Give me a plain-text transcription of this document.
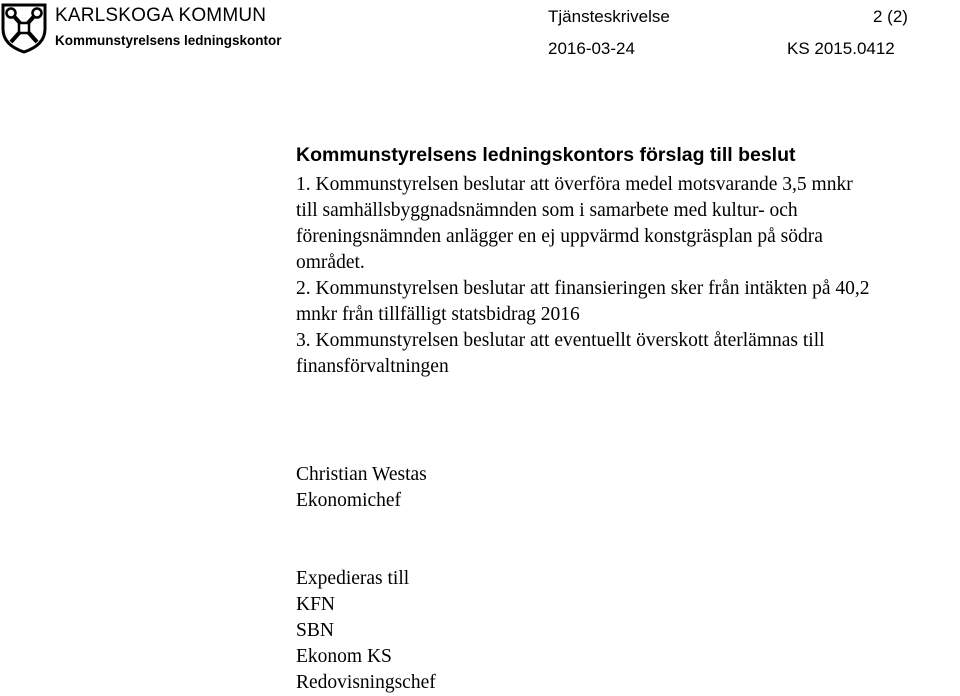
KARLSKOGA KOMMUN
Kommunstyrelsens ledningskontor
Tjänsteskrivelse	2 (2)
2016-03-24	KS 2015.0412
Kommunstyrelsens ledningskontors förslag till beslut
1. Kommunstyrelsen beslutar att överföra medel motsvarande 3,5 mnkr
till samhällsbyggnadsnämnden som i samarbete med kultur- och
föreningsnämnden anlägger en ej uppvärmd konstgräsplan på södra
området.
2. Kommunstyrelsen beslutar att finansieringen sker från intäkten på 40,2
mnkr från tillfälligt statsbidrag 2016
3. Kommunstyrelsen beslutar att eventuellt överskott återlämnas till
finansförvaltningen
Christian Westas
Ekonomichef
Expedieras till
KFN
SBN
Ekonom KS
Redovisningschef
